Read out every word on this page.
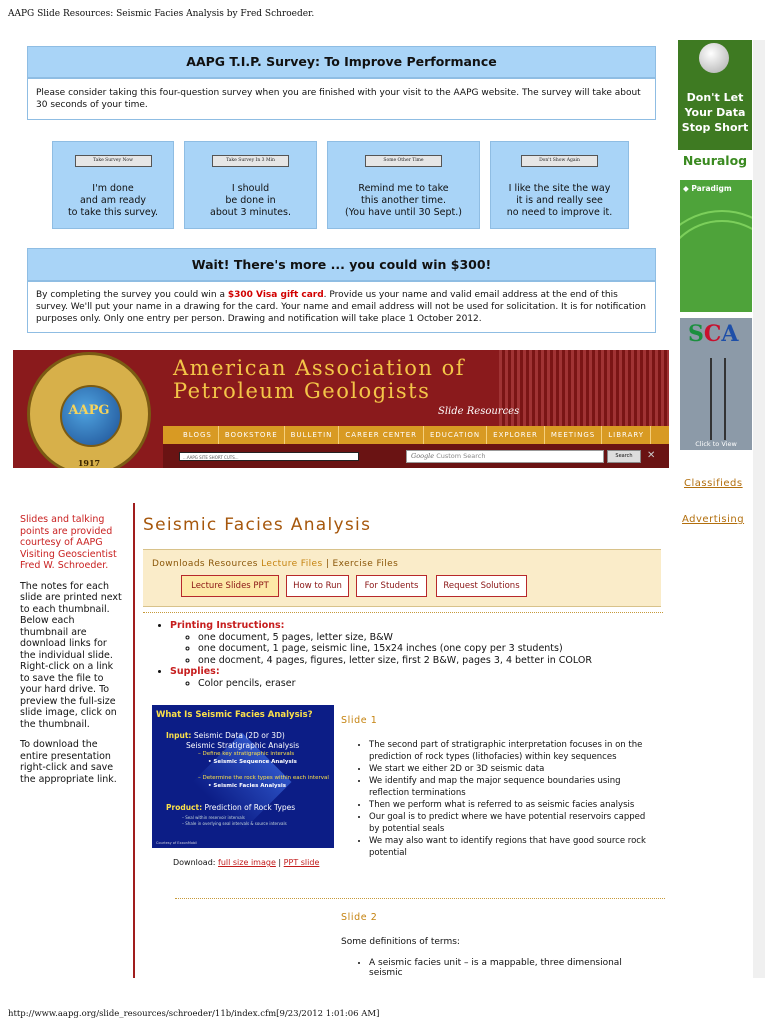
AAPG Slide Resources: Seismic Facies Analysis by Fred Schroeder.
AAPG T.I.P. Survey: To Improve Performance
Please consider taking this four-question survey when you are finished with your visit to the AAPG website. The survey will take about 30 seconds of your time.
Take Survey Now
I'm done
and am ready
to take this survey.
Take Survey In 3 Min
I should
be done in
about 3 minutes.
Some Other Time
Remind me to take
this another time.
(You have until 30 Sept.)
Don't Show Again
I like the site the way
it is and really see
no need to improve it.
Wait! There's more ... you could win $300!
By completing the survey you could win a $300 Visa gift card. Provide us your name and valid email address at the end of this survey. We'll put your name in a drawing for the card. Your name and email address will not be used for solicitation. It is for notification purposes only. Only one entry per person. Drawing and notification will take place 1 October 2012.
American Association of
Petroleum Geologists
Slide Resources
BLOGS	BOOKSTORE	BULLETIN	CAREER CENTER	EDUCATION	EXPLORER	MEETINGS	LIBRARY
...AAPG SITE SHORT CUTS...	Google Custom Search	Search	✕
AAPG
1917
Don't Let
Your Data
Stop Short
Neuralog
◆ Paradigm
SCA
Click to View
Classifieds
Advertising

Slides and talking points are provided courtesy of AAPG Visiting Geoscientist Fred W. Schroeder.

The notes for each slide are printed next to each thumbnail. Below each thumbnail are download links for the individual slide. Right-click on a link to save the file to your hard drive. To preview the full-size slide image, click on the thumbnail.

To download the entire presentation right-click and save the appropriate link.

Seismic Facies Analysis
Downloads Resources Lecture Files | Exercise Files
Lecture Slides PPT	How to Run	For Students	Request Solutions
• Printing Instructions:
◦ one document, 5 pages, letter size, B&W
◦ one document, 1 page, seismic line, 15x24 inches (one copy per 3 students)
◦ one docment, 4 pages, figures, letter size, first 2 B&W, pages 3, 4 better in COLOR
• Supplies:
◦ Color pencils, eraser
What Is Seismic Facies Analysis?
Input: Seismic Data (2D or 3D)
Seismic Stratigraphic Analysis
– Define key stratigraphic intervals
• Seismic Sequence Analysis
– Determine the rock types within each interval
• Seismic Facies Analysis
Product: Prediction of Rock Types
– Seal within reservoir intervals
– Shale in overlying seal intervals & source intervals
Courtesy of ExxonMobil
Download: full size image | PPT slide
Slide 1
• The second part of stratigraphic interpretation focuses in on the prediction of rock types (lithofacies) within key sequences
• We start we either 2D or 3D seismic data
• We identify and map the major sequence boundaries using reflection terminations
• Then we perform what is referred to as seismic facies analysis
• Our goal is to predict where we have potential reservoirs capped by potential seals
• We may also want to identify regions that have good source rock potential
Slide 2
Some definitions of terms:
• A seismic facies unit – is a mappable, three dimensional seismic
http://www.aapg.org/slide_resources/schroeder/11b/index.cfm[9/23/2012 1:01:06 AM]
